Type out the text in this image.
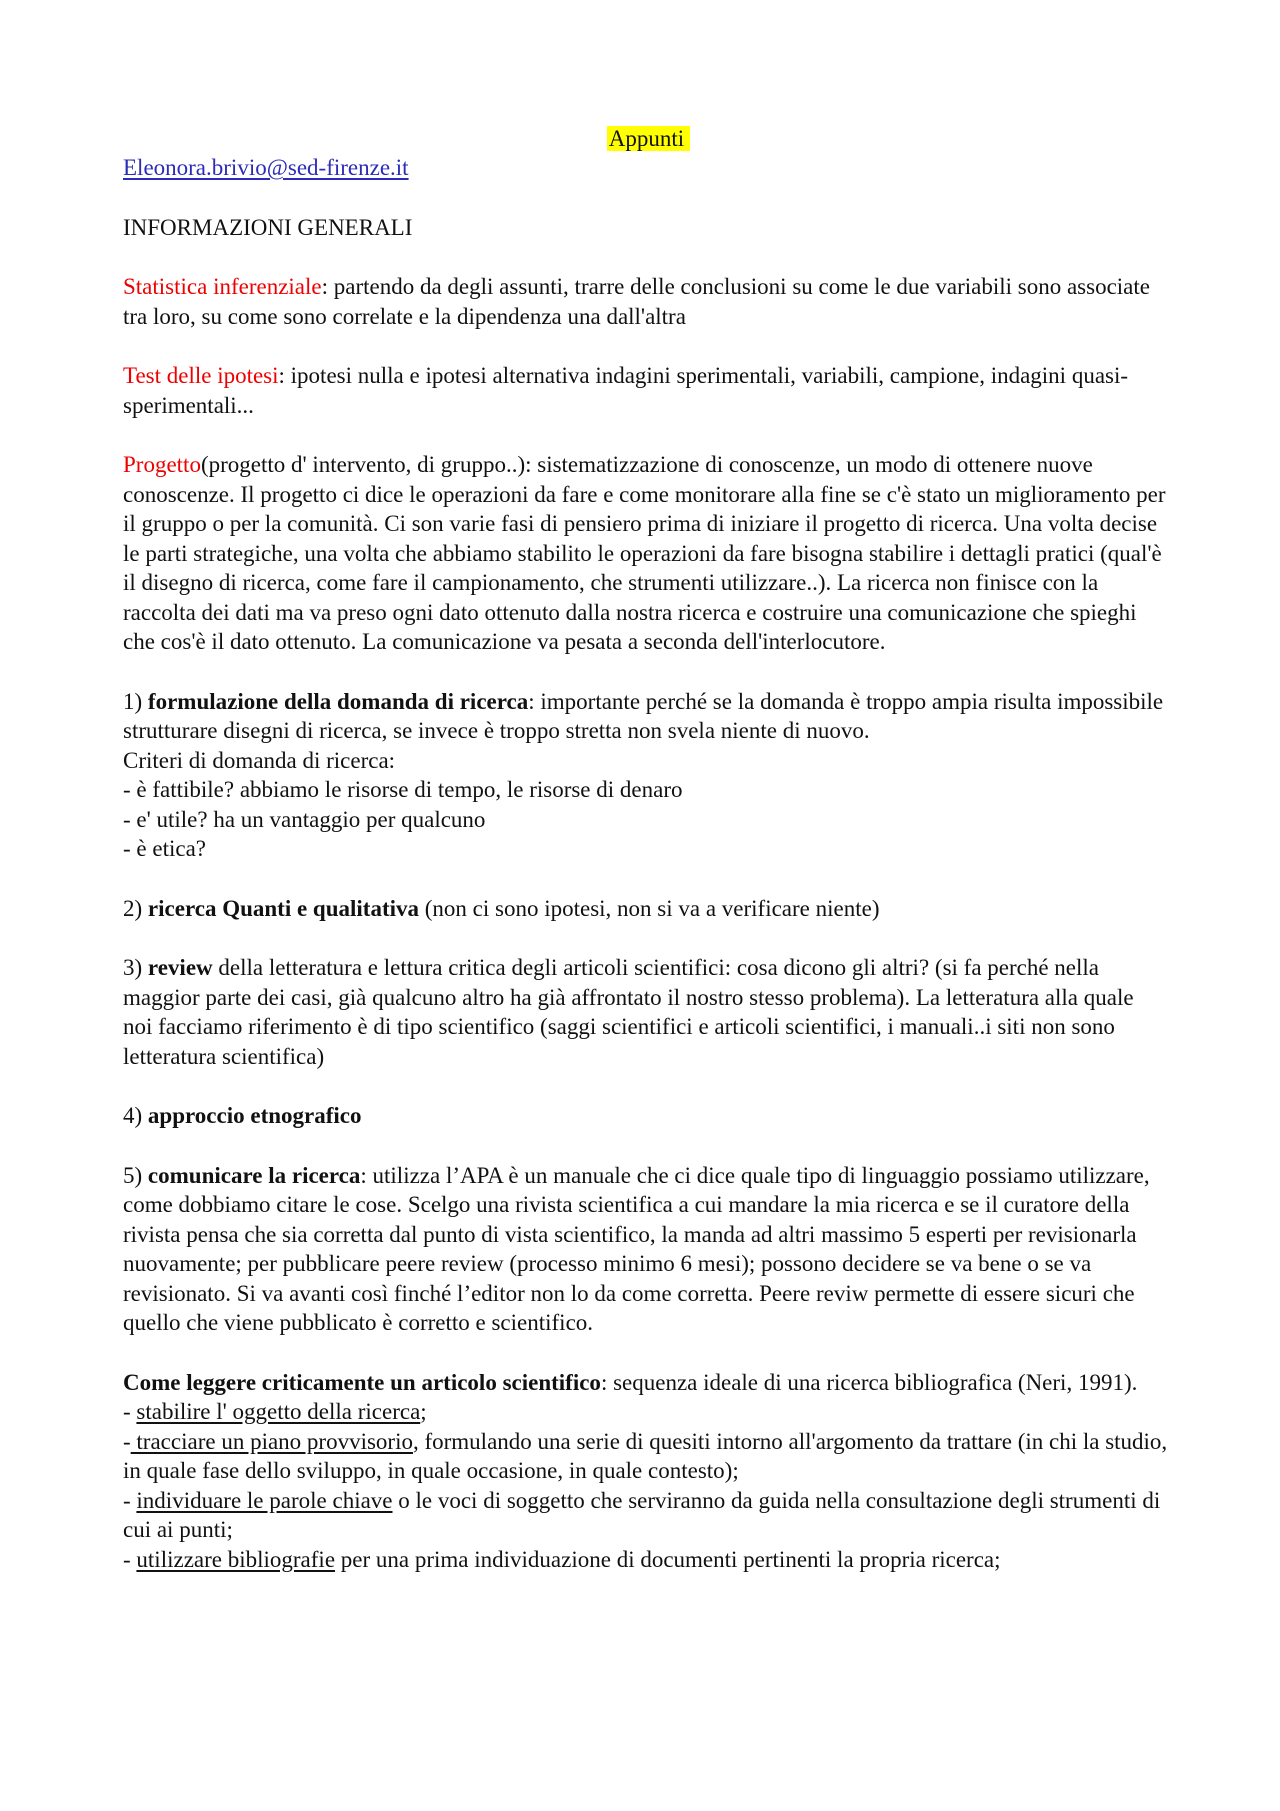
Appunti

Eleonora.brivio@sed-firenze.it

INFORMAZIONI GENERALI

Statistica inferenziale: partendo da degli assunti, trarre delle conclusioni su come le due variabili sono associate tra loro, su come sono correlate e la dipendenza una dall'altra

Test delle ipotesi: ipotesi nulla e ipotesi alternativa indagini sperimentali, variabili, campione, indagini quasi-sperimentali...

Progetto(progetto d' intervento, di gruppo..): sistematizzazione di conoscenze, un modo di ottenere nuove conoscenze. Il progetto ci dice le operazioni da fare e come monitorare alla fine se c'è stato un miglioramento per il gruppo o per la comunità. Ci son varie fasi di pensiero prima di iniziare il progetto di ricerca. Una volta decise le parti strategiche, una volta che abbiamo stabilito le operazioni da fare bisogna stabilire i dettagli pratici (qual'è il disegno di ricerca, come fare il campionamento, che strumenti utilizzare..). La ricerca non finisce con la raccolta dei dati ma va preso ogni dato ottenuto dalla nostra ricerca e costruire una comunicazione che spieghi che cos'è il dato ottenuto. La comunicazione va pesata a seconda dell'interlocutore.

1) formulazione della domanda di ricerca: importante perché se la domanda è troppo ampia risulta impossibile strutturare disegni di ricerca, se invece è troppo stretta non svela niente di nuovo.

Criteri di domanda di ricerca:

- è fattibile? abbiamo le risorse di tempo, le risorse di denaro

- e' utile? ha un vantaggio per qualcuno

- è etica?

2) ricerca Quanti e qualitativa (non ci sono ipotesi, non si va a verificare niente)

3) review della letteratura e lettura critica degli articoli scientifici: cosa dicono gli altri? (si fa perché nella maggior parte dei casi, già qualcuno altro ha già affrontato il nostro stesso problema). La letteratura alla quale noi facciamo riferimento è di tipo scientifico (saggi scientifici e articoli scientifici, i manuali..i siti non sono letteratura scientifica)

4) approccio etnografico

5) comunicare la ricerca: utilizza l’APA è un manuale che ci dice quale tipo di linguaggio possiamo utilizzare, come dobbiamo citare le cose. Scelgo una rivista scientifica a cui mandare la mia ricerca e se il curatore della rivista pensa che sia corretta dal punto di vista scientifico, la manda ad altri massimo 5 esperti per revisionarla nuovamente; per pubblicare peere review (processo minimo 6 mesi); possono decidere se va bene o se va revisionato. Si va avanti così finché l’editor non lo da come corretta. Peere reviw permette di essere sicuri che quello che viene pubblicato è corretto e scientifico.

Come leggere criticamente un articolo scientifico: sequenza ideale di una ricerca bibliografica (Neri, 1991).

- stabilire l' oggetto della ricerca;

- tracciare un piano provvisorio, formulando una serie di quesiti intorno all'argomento da trattare (in chi la studio, in quale fase dello sviluppo, in quale occasione, in quale contesto);

- individuare le parole chiave o le voci di soggetto che serviranno da guida nella consultazione degli strumenti di cui ai punti;

- utilizzare bibliografie per una prima individuazione di documenti pertinenti la propria ricerca;
